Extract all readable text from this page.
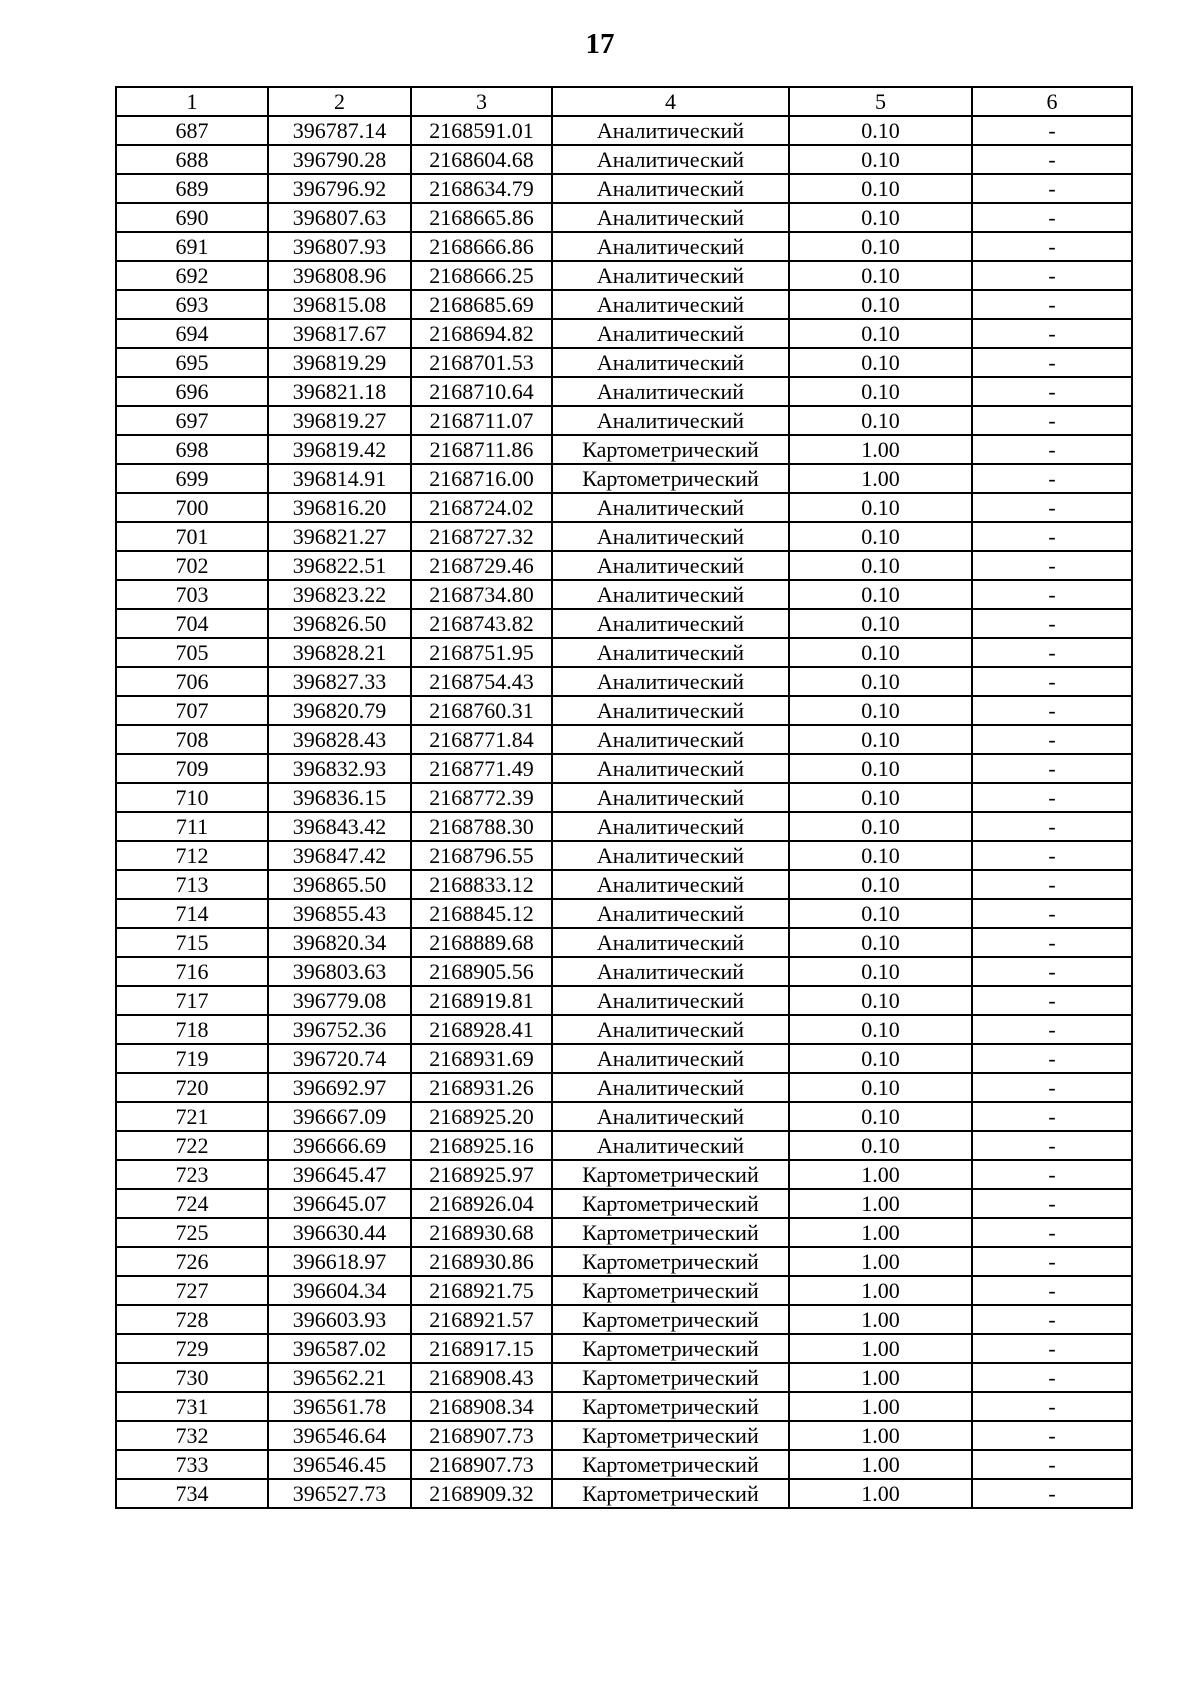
17
1	2	3	4	5	6
687	396787.14	2168591.01	Аналитический	0.10	-
688	396790.28	2168604.68	Аналитический	0.10	-
689	396796.92	2168634.79	Аналитический	0.10	-
690	396807.63	2168665.86	Аналитический	0.10	-
691	396807.93	2168666.86	Аналитический	0.10	-
692	396808.96	2168666.25	Аналитический	0.10	-
693	396815.08	2168685.69	Аналитический	0.10	-
694	396817.67	2168694.82	Аналитический	0.10	-
695	396819.29	2168701.53	Аналитический	0.10	-
696	396821.18	2168710.64	Аналитический	0.10	-
697	396819.27	2168711.07	Аналитический	0.10	-
698	396819.42	2168711.86	Картометрический	1.00	-
699	396814.91	2168716.00	Картометрический	1.00	-
700	396816.20	2168724.02	Аналитический	0.10	-
701	396821.27	2168727.32	Аналитический	0.10	-
702	396822.51	2168729.46	Аналитический	0.10	-
703	396823.22	2168734.80	Аналитический	0.10	-
704	396826.50	2168743.82	Аналитический	0.10	-
705	396828.21	2168751.95	Аналитический	0.10	-
706	396827.33	2168754.43	Аналитический	0.10	-
707	396820.79	2168760.31	Аналитический	0.10	-
708	396828.43	2168771.84	Аналитический	0.10	-
709	396832.93	2168771.49	Аналитический	0.10	-
710	396836.15	2168772.39	Аналитический	0.10	-
711	396843.42	2168788.30	Аналитический	0.10	-
712	396847.42	2168796.55	Аналитический	0.10	-
713	396865.50	2168833.12	Аналитический	0.10	-
714	396855.43	2168845.12	Аналитический	0.10	-
715	396820.34	2168889.68	Аналитический	0.10	-
716	396803.63	2168905.56	Аналитический	0.10	-
717	396779.08	2168919.81	Аналитический	0.10	-
718	396752.36	2168928.41	Аналитический	0.10	-
719	396720.74	2168931.69	Аналитический	0.10	-
720	396692.97	2168931.26	Аналитический	0.10	-
721	396667.09	2168925.20	Аналитический	0.10	-
722	396666.69	2168925.16	Аналитический	0.10	-
723	396645.47	2168925.97	Картометрический	1.00	-
724	396645.07	2168926.04	Картометрический	1.00	-
725	396630.44	2168930.68	Картометрический	1.00	-
726	396618.97	2168930.86	Картометрический	1.00	-
727	396604.34	2168921.75	Картометрический	1.00	-
728	396603.93	2168921.57	Картометрический	1.00	-
729	396587.02	2168917.15	Картометрический	1.00	-
730	396562.21	2168908.43	Картометрический	1.00	-
731	396561.78	2168908.34	Картометрический	1.00	-
732	396546.64	2168907.73	Картометрический	1.00	-
733	396546.45	2168907.73	Картометрический	1.00	-
734	396527.73	2168909.32	Картометрический	1.00	-
